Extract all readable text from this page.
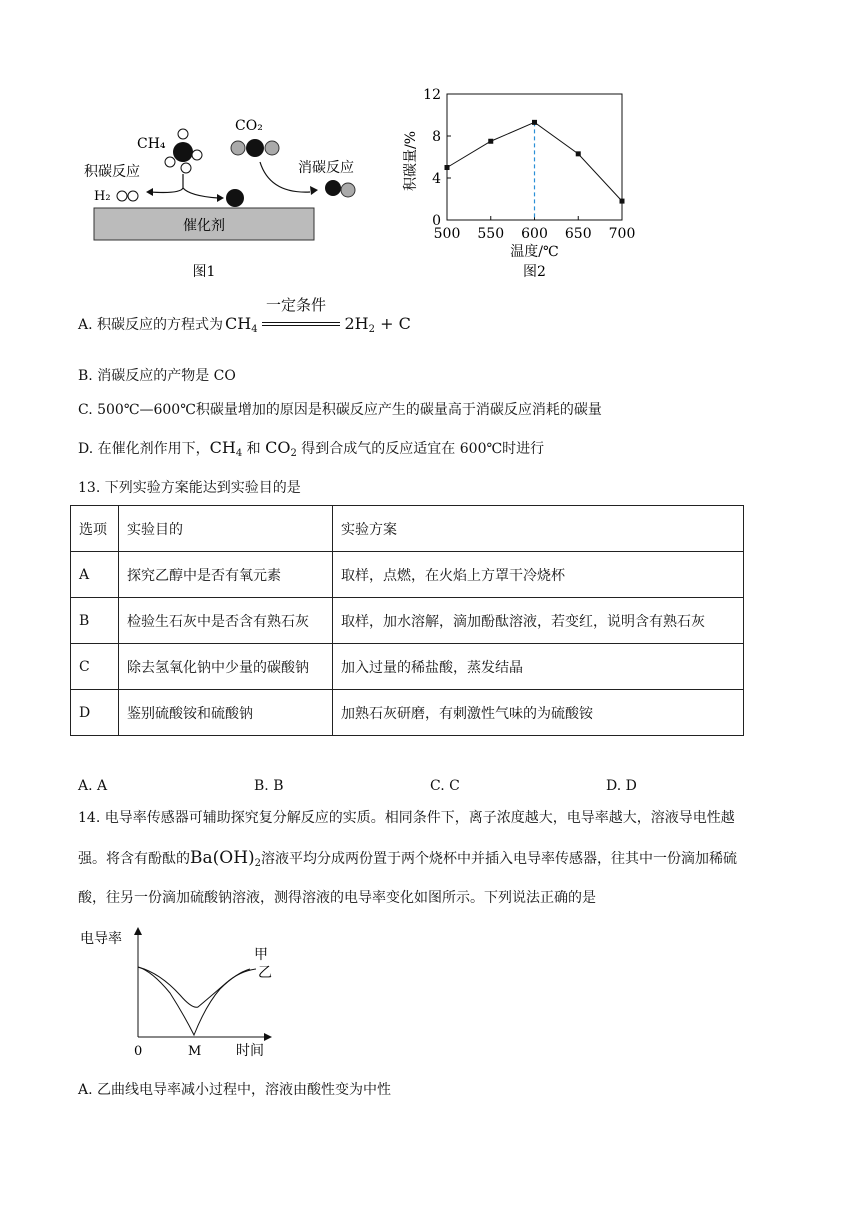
CH₄
CO₂
积碳反应	消碳反应
H₂
催化剂
图1
0
4
8
12
500 550 600 650 700
积碳量/%
温度/℃
图2
A. 积碳反应的方程式为 $CH_4$
一定条件
$2H_2 + C$
B. 消碳反应的产物是 CO
C. 500℃—600℃积碳量增加的原因是积碳反应产生的碳量高于消碳反应消耗的碳量
D. 在催化剂作用下，$CH_4$ 和 $CO_2$ 得到合成气的反应适宜在 600℃时进行
13. 下列实验方案能达到实验目的是
选项	实验目的	实验方案
A	探究乙醇中是否有氧元素	取样，点燃，在火焰上方罩干冷烧杯
B	检验生石灰中是否含有熟石灰	取样，加水溶解，滴加酚酞溶液，若变红，说明含有熟石灰
C	除去氢氧化钠中少量的碳酸钠	加入过量的稀盐酸，蒸发结晶
D	鉴别硫酸铵和硫酸钠	加熟石灰研磨，有刺激性气味的为硫酸铵
A. A	B. B	C. C	D. D
14. 电导率传感器可辅助探究复分解反应的实质。相同条件下，离子浓度越大，电导率越大，溶液导电性越
强。将含有酚酞的$Ba(OH)_2$溶液平均分成两份置于两个烧杯中并插入电导率传感器，往其中一份滴加稀硫
酸，往另一份滴加硫酸钠溶液，测得溶液的电导率变化如图所示。下列说法正确的是
电导率
时间
0	M
甲
乙
A. 乙曲线电导率减小过程中，溶液由酸性变为中性
